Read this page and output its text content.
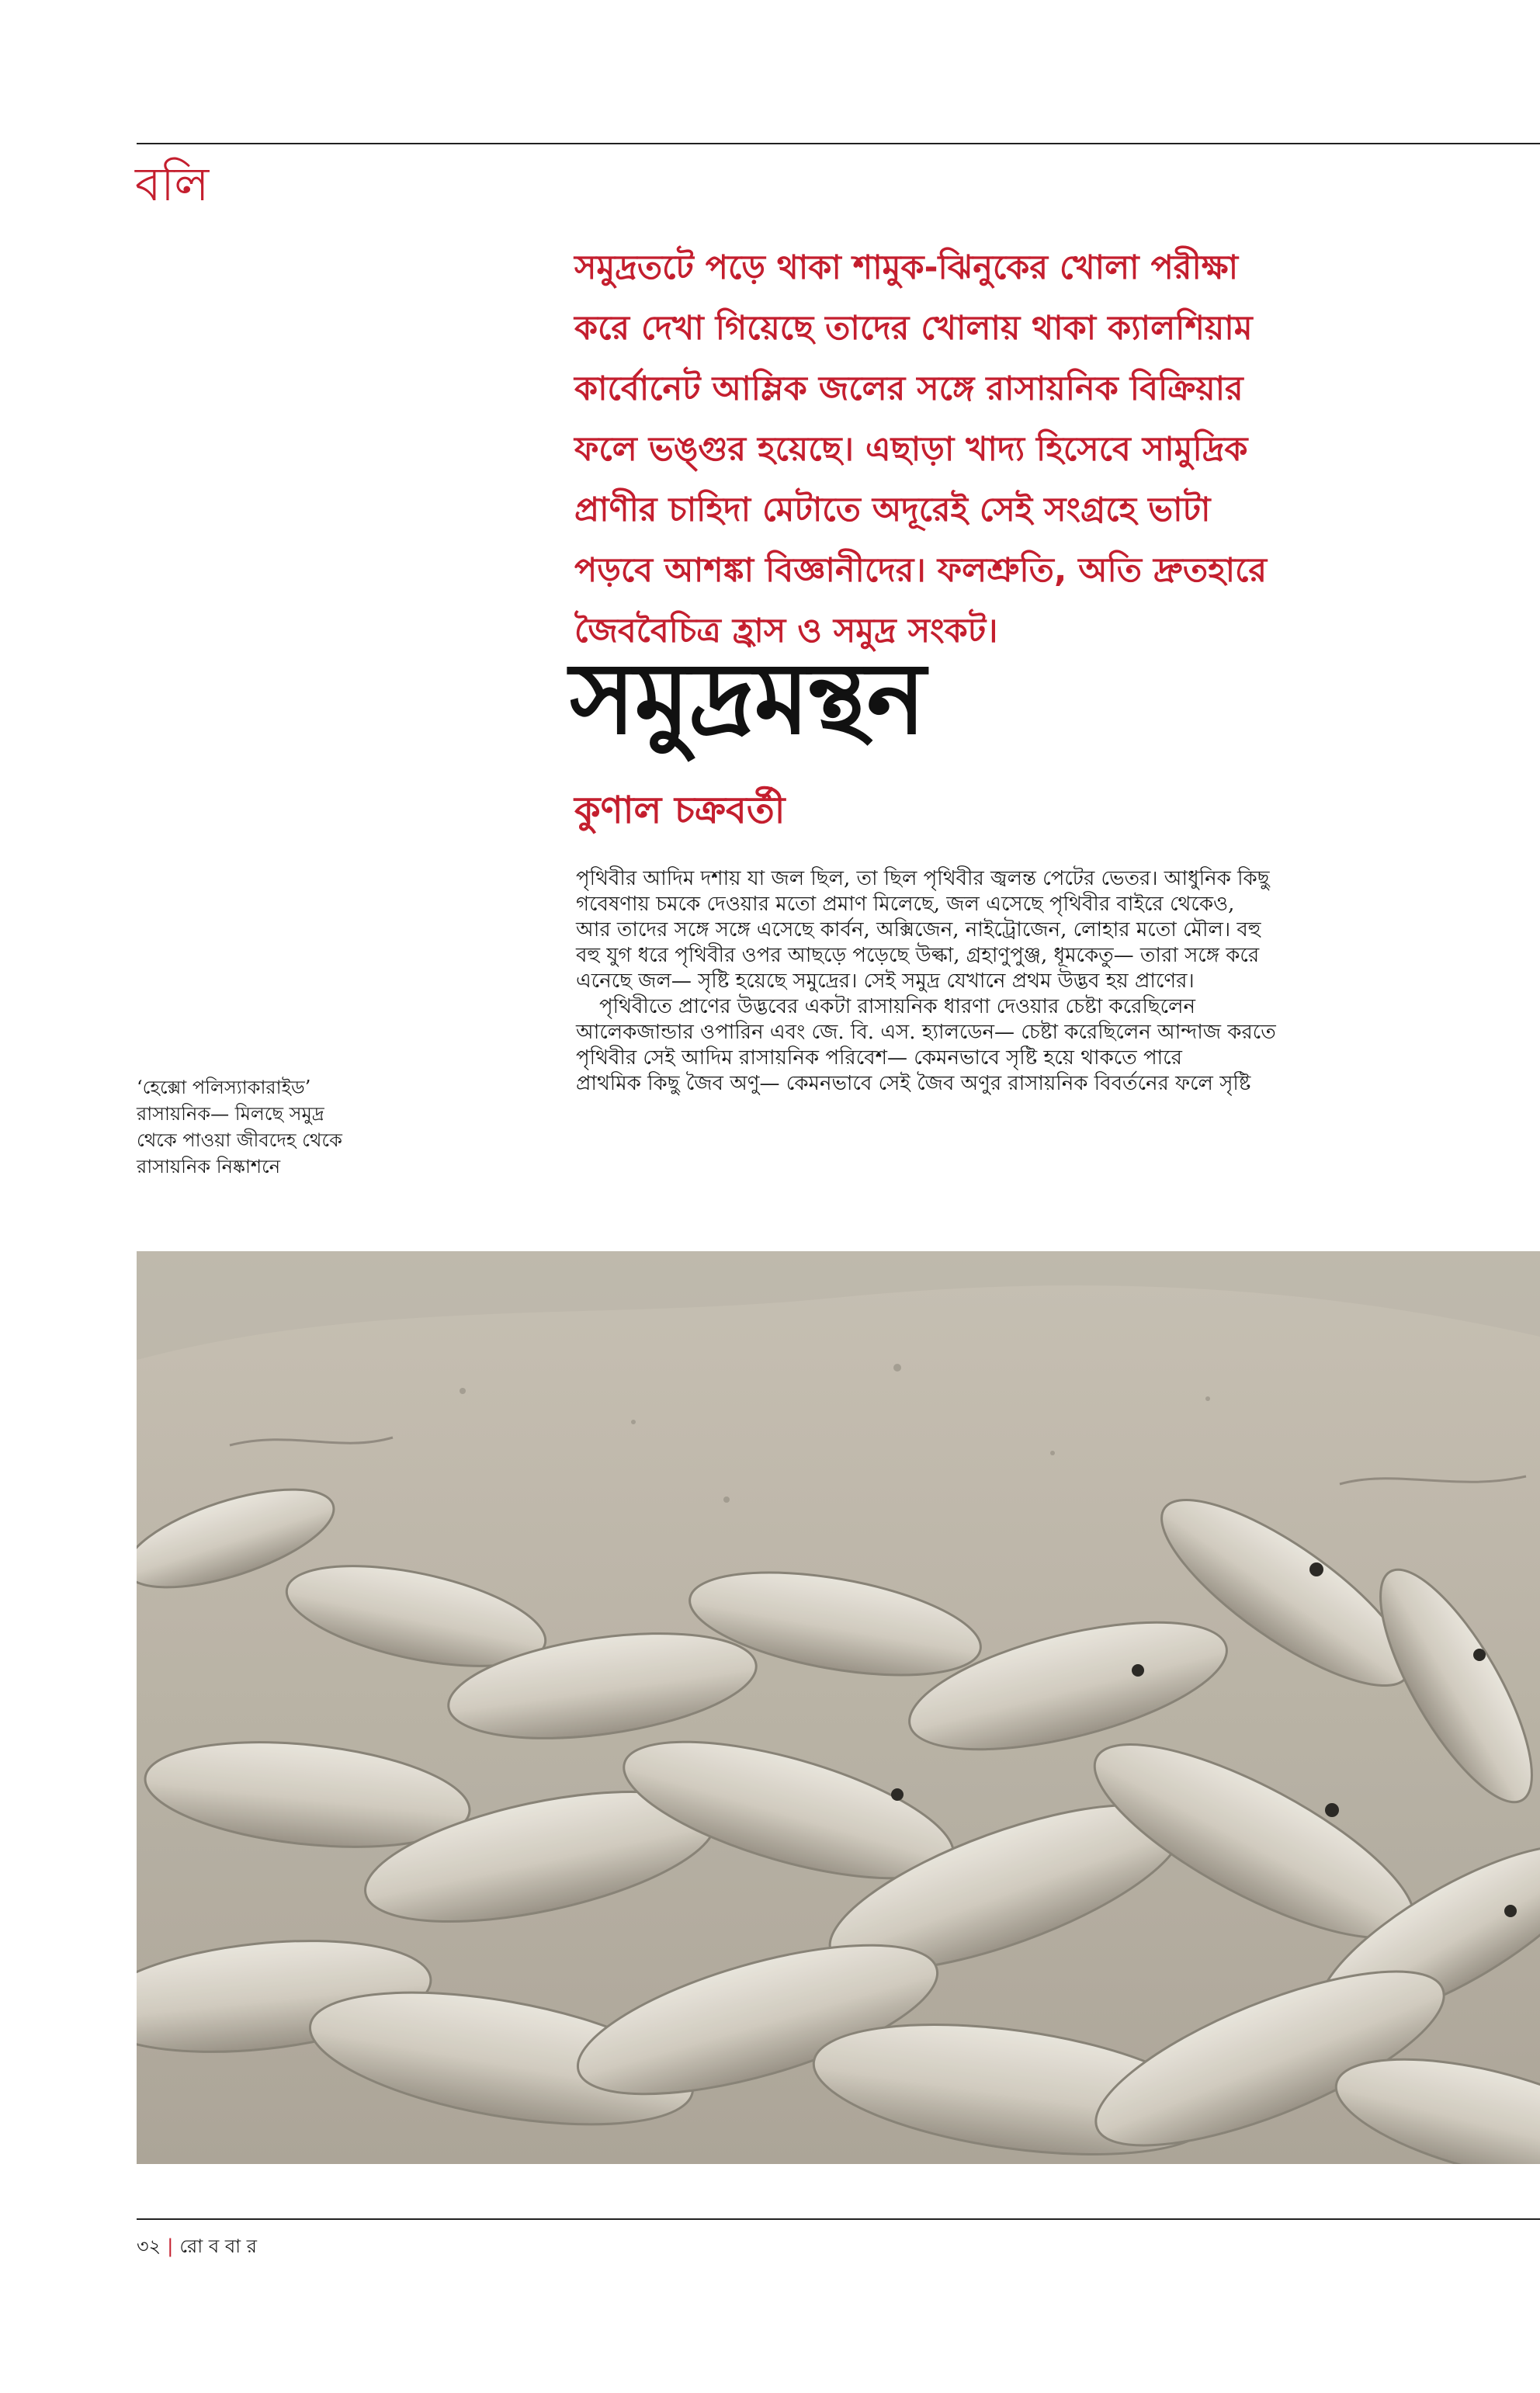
বলি
সমুদ্রতটে পড়ে থাকা শামুক-ঝিনুকের খোলা পরীক্ষা
করে দেখা গিয়েছে তাদের খোলায় থাকা ক্যালশিয়াম
কার্বোনেট আম্লিক জলের সঙ্গে রাসায়নিক বিক্রিয়ার
ফলে ভঙ্গুর হয়েছে। এছাড়া খাদ্য হিসেবে সামুদ্রিক
প্রাণীর চাহিদা মেটাতে অদূরেই সেই সংগ্রহে ভাটা
পড়বে আশঙ্কা বিজ্ঞানীদের। ফলশ্রুতি, অতি দ্রুতহারে
জৈববৈচিত্র হ্রাস ও সমুদ্র সংকট।
সমুদ্রমন্থন
কুণাল চক্রবর্তী
পৃথিবীর আদিম দশায় যা জল ছিল, তা ছিল পৃথিবীর জ্বলন্ত পেটের ভেতর। আধুনিক কিছু
গবেষণায় চমকে দেওয়ার মতো প্রমাণ মিলেছে, জল এসেছে পৃথিবীর বাইরে থেকেও,
আর তাদের সঙ্গে সঙ্গে এসেছে কার্বন, অক্সিজেন, নাইট্রোজেন, লোহার মতো মৌল। বহু
বহু যুগ ধরে পৃথিবীর ওপর আছড়ে পড়েছে উল্কা, গ্রহাণুপুঞ্জ, ধূমকেতু— তারা সঙ্গে করে
এনেছে জল— সৃষ্টি হয়েছে সমুদ্রের। সেই সমুদ্র যেখানে প্রথম উদ্ভব হয় প্রাণের।
পৃথিবীতে প্রাণের উদ্ভবের একটা রাসায়নিক ধারণা দেওয়ার চেষ্টা করেছিলেন
আলেকজান্ডার ওপারিন এবং জে. বি. এস. হ্যালডেন— চেষ্টা করেছিলেন আন্দাজ করতে
পৃথিবীর সেই আদিম রাসায়নিক পরিবেশ— কেমনভাবে সৃষ্টি হয়ে থাকতে পারে
প্রাথমিক কিছু জৈব অণু— কেমনভাবে সেই জৈব অণুর রাসায়নিক বিবর্তনের ফলে সৃষ্টি
‘হেক্সো পলিস্যাকারাইড’
রাসায়নিক— মিলছে সমুদ্র
থেকে পাওয়া জীবদেহ থেকে
রাসায়নিক নিষ্কাশনে
৩২ | রো ব বা র
